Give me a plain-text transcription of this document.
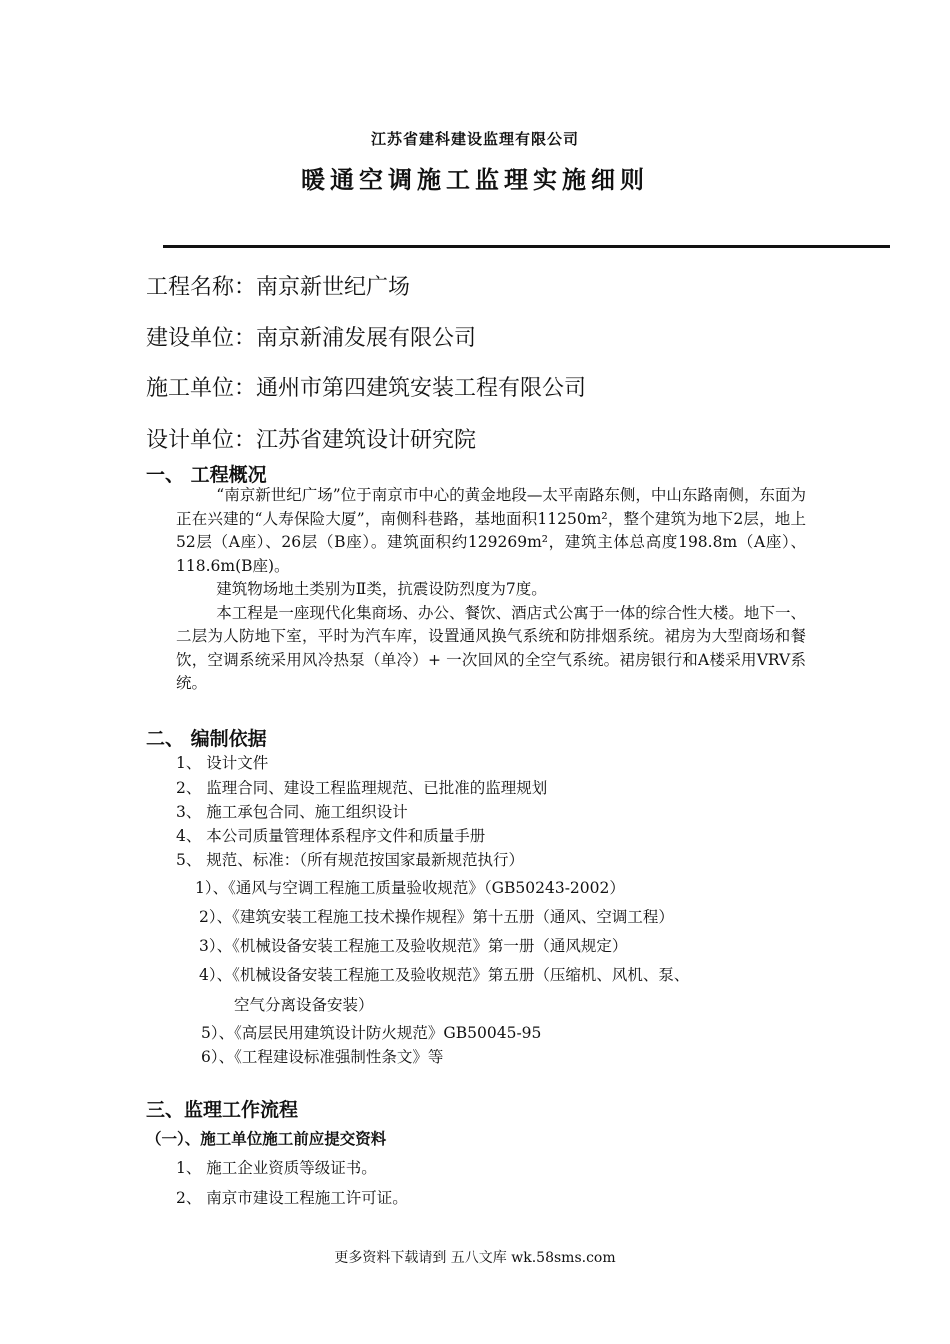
江苏省建科建设监理有限公司
暖通空调施工监理实施细则
工程名称：南京新世纪广场
建设单位：南京新浦发展有限公司
施工单位：通州市第四建筑安装工程有限公司
设计单位：江苏省建筑设计研究院
一、 工程概况

“南京新世纪广场”位于南京市中心的黄金地段—太平南路东侧，中山东路南侧，东面为正在兴建的“人寿保险大厦”，南侧科巷路，基地面积11250m²，整个建筑为地下2层，地上52层（A座）、26层（B座）。建筑面积约129269m²，建筑主体总高度198.8m（A座）、118.6m(B座)。

建筑物场地土类别为Ⅱ类，抗震设防烈度为7度。

本工程是一座现代化集商场、办公、餐饮、酒店式公寓于一体的综合性大楼。地下一、二层为人防地下室，平时为汽车库，设置通风换气系统和防排烟系统。裙房为大型商场和餐饮，空调系统采用风冷热泵（单冷）+ 一次回风的全空气系统。裙房银行和A楼采用VRV系统。

二、 编制依据
1、 设计文件
2、 监理合同、建设工程监理规范、已批准的监理规划
3、 施工承包合同、施工组织设计
4、 本公司质量管理体系程序文件和质量手册
5、 规范、标准：（所有规范按国家最新规范执行）
1）、《通风与空调工程施工质量验收规范》（GB50243-2002）
2）、《建筑安装工程施工技术操作规程》第十五册（通风、空调工程）
3）、《机械设备安装工程施工及验收规范》第一册（通风规定）
4）、《机械设备安装工程施工及验收规范》第五册（压缩机、风机、泵、
空气分离设备安装）
5）、《高层民用建筑设计防火规范》GB50045-95
6）、《工程建设标准强制性条文》等
三、监理工作流程
（一）、施工单位施工前应提交资料
1、 施工企业资质等级证书。
2、 南京市建设工程施工许可证。
更多资料下载请到 五八文库 wk.58sms.com
